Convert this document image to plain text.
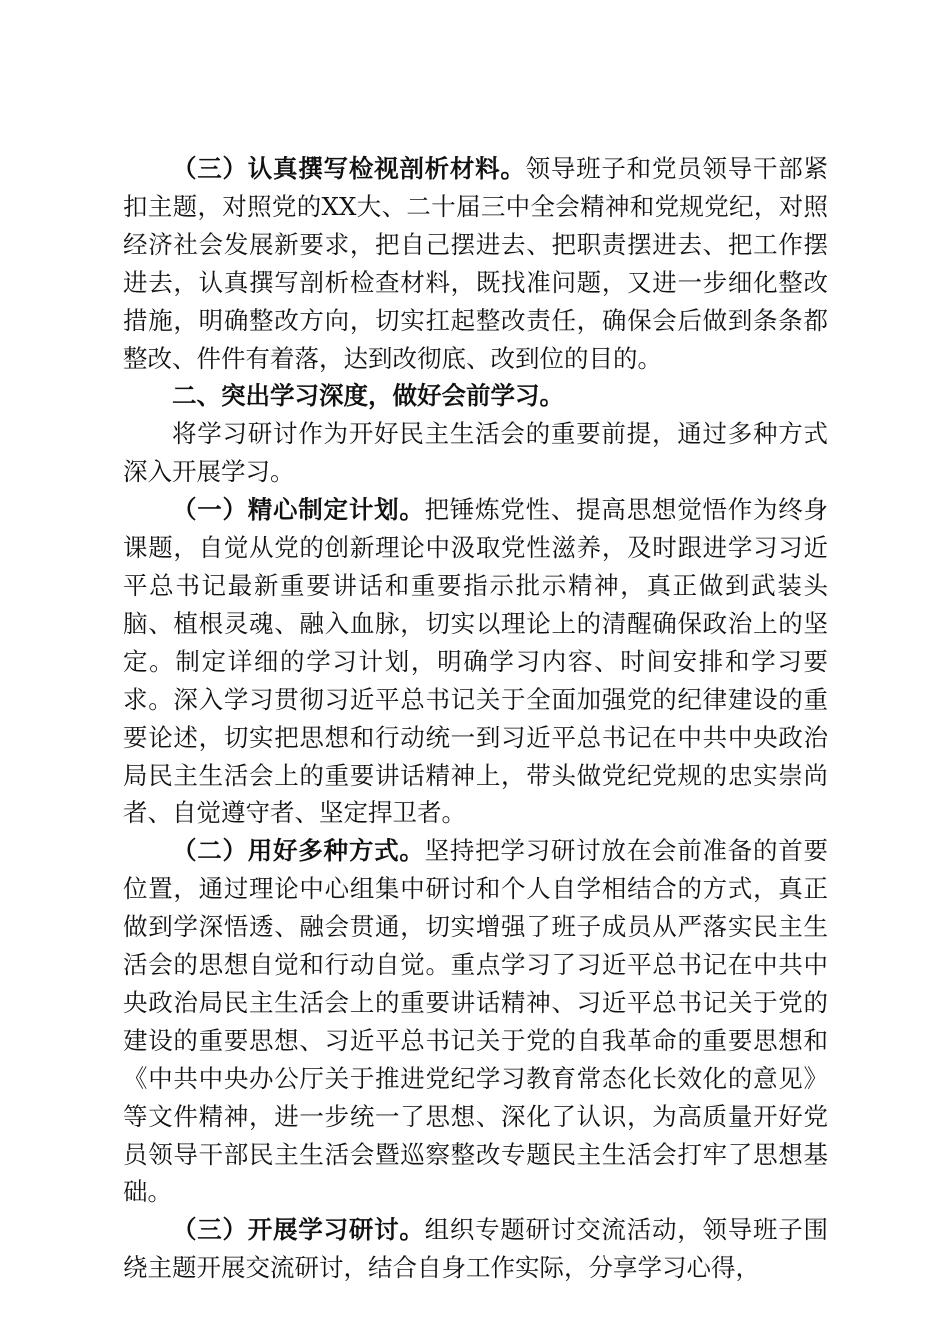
（三）认真撰写检视剖析材料。领导班子和党员领导干部紧扣主题，对照党的XX大、二十届三中全会精神和党规党纪，对照经济社会发展新要求，把自己摆进去、把职责摆进去、把工作摆进去，认真撰写剖析检查材料，既找准问题，又进一步细化整改措施，明确整改方向，切实扛起整改责任，确保会后做到条条都整改、件件有着落，达到改彻底、改到位的目的。

二、突出学习深度，做好会前学习。

将学习研讨作为开好民主生活会的重要前提，通过多种方式深入开展学习。

（一）精心制定计划。把锤炼党性、提高思想觉悟作为终身课题，自觉从党的创新理论中汲取党性滋养，及时跟进学习习近平总书记最新重要讲话和重要指示批示精神，真正做到武装头脑、植根灵魂、融入血脉，切实以理论上的清醒确保政治上的坚定。制定详细的学习计划，明确学习内容、时间安排和学习要求。深入学习贯彻习近平总书记关于全面加强党的纪律建设的重要论述，切实把思想和行动统一到习近平总书记在中共中央政治局民主生活会上的重要讲话精神上，带头做党纪党规的忠实崇尚者、自觉遵守者、坚定捍卫者。

（二）用好多种方式。坚持把学习研讨放在会前准备的首要位置，通过理论中心组集中研讨和个人自学相结合的方式，真正做到学深悟透、融会贯通，切实增强了班子成员从严落实民主生活会的思想自觉和行动自觉。重点学习了习近平总书记在中共中央政治局民主生活会上的重要讲话精神、习近平总书记关于党的建设的重要思想、习近平总书记关于党的自我革命的重要思想和《中共中央办公厅关于推进党纪学习教育常态化长效化的意见》等文件精神，进一步统一了思想、深化了认识，为高质量开好党员领导干部民主生活会暨巡察整改专题民主生活会打牢了思想基础。

（三）开展学习研讨。组织专题研讨交流活动，领导班子围绕主题开展交流研讨，结合自身工作实际，分享学习心得，
